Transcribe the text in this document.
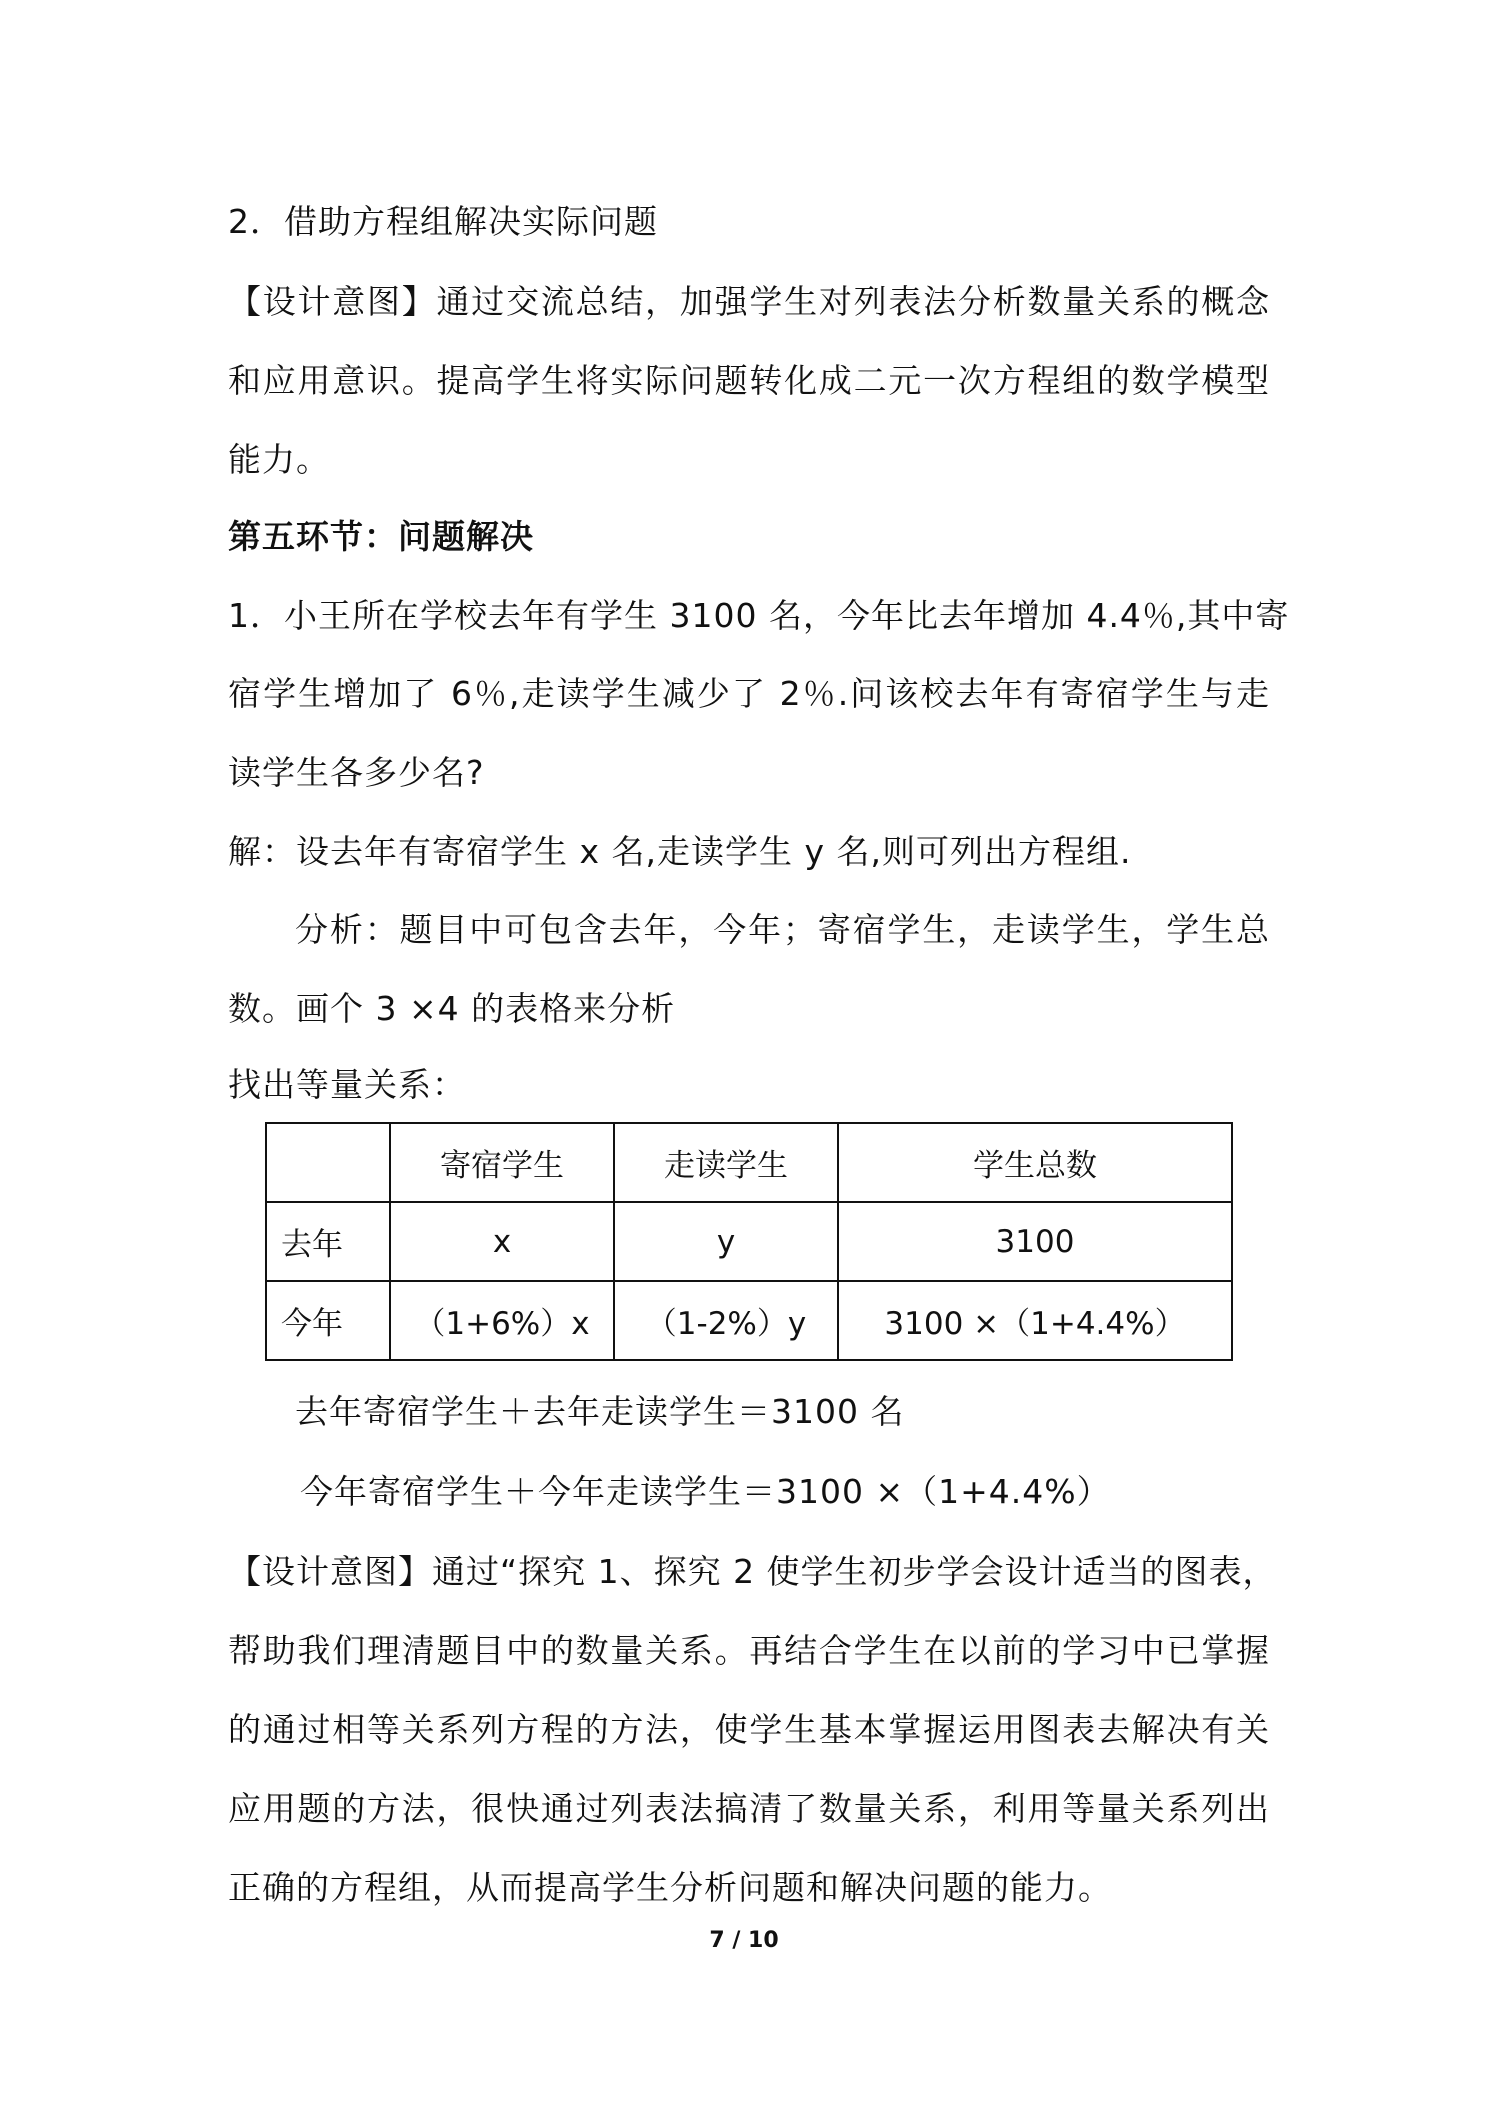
2．借助方程组解决实际问题
【设计意图】通过交流总结，加强学生对列表法分析数量关系的概念
和应用意识。提高学生将实际问题转化成二元一次方程组的数学模型
能力。
第五环节：问题解决
1．小王所在学校去年有学生 3100 名，今年比去年增加 4.4％,其中寄
宿学生增加了 6％,走读学生减少了 2％.问该校去年有寄宿学生与走
读学生各多少名?
解：设去年有寄宿学生 x 名,走读学生 y 名,则可列出方程组.
分析：题目中可包含去年，今年；寄宿学生，走读学生，学生总
数。画个 3 ×4 的表格来分析
找出等量关系：
	寄宿学生	走读学生	学生总数
去年	x	y	3100
今年	（1+6%）x	（1-2%）y	3100 ×（1+4.4%）
去年寄宿学生＋去年走读学生＝3100 名
今年寄宿学生＋今年走读学生＝3100 ×（1+4.4%）
【设计意图】通过“探究 1、探究 2 使学生初步学会设计适当的图表，
帮助我们理清题目中的数量关系。再结合学生在以前的学习中已掌握
的通过相等关系列方程的方法，使学生基本掌握运用图表去解决有关
应用题的方法，很快通过列表法搞清了数量关系，利用等量关系列出
正确的方程组，从而提高学生分析问题和解决问题的能力。
7 / 10
